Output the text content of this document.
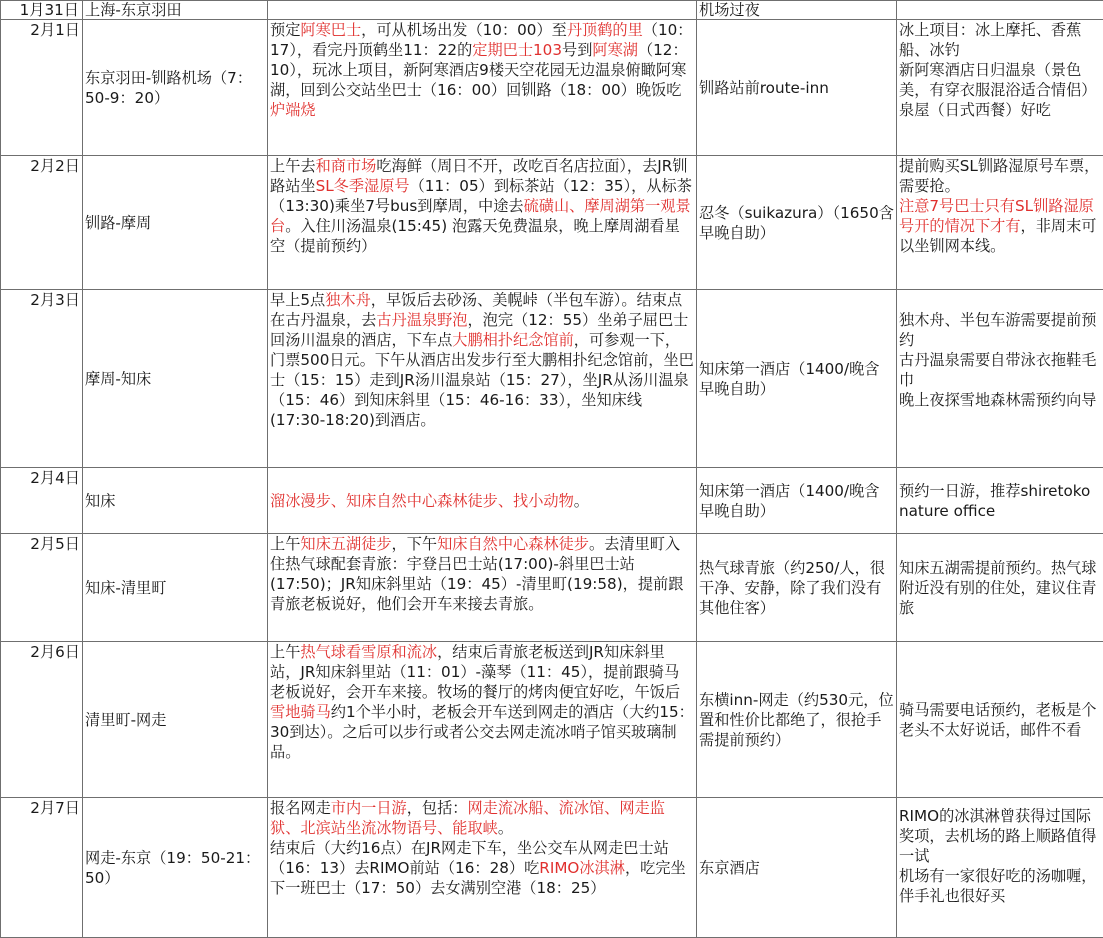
1月31日	上海-东京羽田		机场过夜	
2月1日	东京羽田-钏路机场（7：50-9：20）	预定阿寒巴士，可从机场出发（10：00）至丹顶鹤的里（10：17），看完丹顶鹤坐11：22的定期巴士103号到阿寒湖（12：10），玩冰上项目，新阿寒酒店9楼天空花园无边温泉俯瞰阿寒湖，回到公交站坐巴士（16：00）回钏路（18：00）晚饭吃炉端烧	钏路站前route-inn	冰上项目：冰上摩托、香蕉船、冰钓
新阿寒酒店日归温泉（景色美，有穿衣服混浴适合情侣）
泉屋（日式西餐）好吃
2月2日	钏路-摩周	上午去和商市场吃海鲜（周日不开，改吃百名店拉面），去JR钏路站坐SL冬季湿原号（11：05）到标茶站（12：35），从标茶（13:30)乘坐7号bus到摩周，中途去硫磺山、摩周湖第一观景台。入住川汤温泉(15:45) 泡露天免费温泉，晚上摩周湖看星空（提前预约）	忍冬（suikazura）（1650含早晚自助）	提前购买SL钏路湿原号车票，需要抢。
注意7号巴士只有SL钏路湿原号开的情况下才有，非周末可以坐钏网本线。
2月3日	摩周-知床	早上5点独木舟，早饭后去砂汤、美幌峠（半包车游）。结束点在古丹温泉，去古丹温泉野泡，泡完（12：55）坐弟子屈巴士回汤川温泉的酒店，下车点大鹏相扑纪念馆前，可参观一下，门票500日元。下午从酒店出发步行至大鹏相扑纪念馆前，坐巴士（15：15）走到JR汤川温泉站（15：27），坐JR从汤川温泉（15：46）到知床斜里（15：46-16：33），坐知床线(17:30-18:20)到酒店。	知床第一酒店（1400/晚含早晚自助）	独木舟、半包车游需要提前预约
古丹温泉需要自带泳衣拖鞋毛巾
晚上夜探雪地森林需预约向导
2月4日	知床	溜冰漫步、知床自然中心森林徒步、找小动物。	知床第一酒店（1400/晚含早晚自助）	预约一日游，推荐shiretoko nature office
2月5日	知床-清里町	上午知床五湖徒步，下午知床自然中心森林徒步。去清里町入住热气球配套青旅：宇登吕巴士站(17:00)-斜里巴士站(17:50)；JR知床斜里站（19：45）-清里町(19:58)，提前跟青旅老板说好，他们会开车来接去青旅。	热气球青旅（约250/人，很干净、安静，除了我们没有其他住客）	知床五湖需提前预约。热气球附近没有别的住处，建议住青旅
2月6日	清里町-网走	上午热气球看雪原和流冰，结束后青旅老板送到JR知床斜里站，JR知床斜里站（11：01）-藻琴（11：45），提前跟骑马老板说好，会开车来接。牧场的餐厅的烤肉便宜好吃，午饭后雪地骑马约1个半小时，老板会开车送到网走的酒店（大约15：30到达）。之后可以步行或者公交去网走流冰哨子馆买玻璃制品。	东横inn-网走（约530元，位置和性价比都绝了，很抢手需提前预约）	骑马需要电话预约，老板是个老头不太好说话，邮件不看
2月7日	网走-东京（19：50-21：50）	报名网走市内一日游，包括：网走流冰船、流冰馆、网走监狱、北滨站坐流冰物语号、能取峡。
结束后（大约16点）在JR网走下车，坐公交车从网走巴士站（16：13）去RIMO前站（16：28）吃RIMO冰淇淋，吃完坐下一班巴士（17：50）去女满别空港（18：25）	东京酒店	RIMO的冰淇淋曾获得过国际奖项，去机场的路上顺路值得一试
机场有一家很好吃的汤咖喱，伴手礼也很好买
